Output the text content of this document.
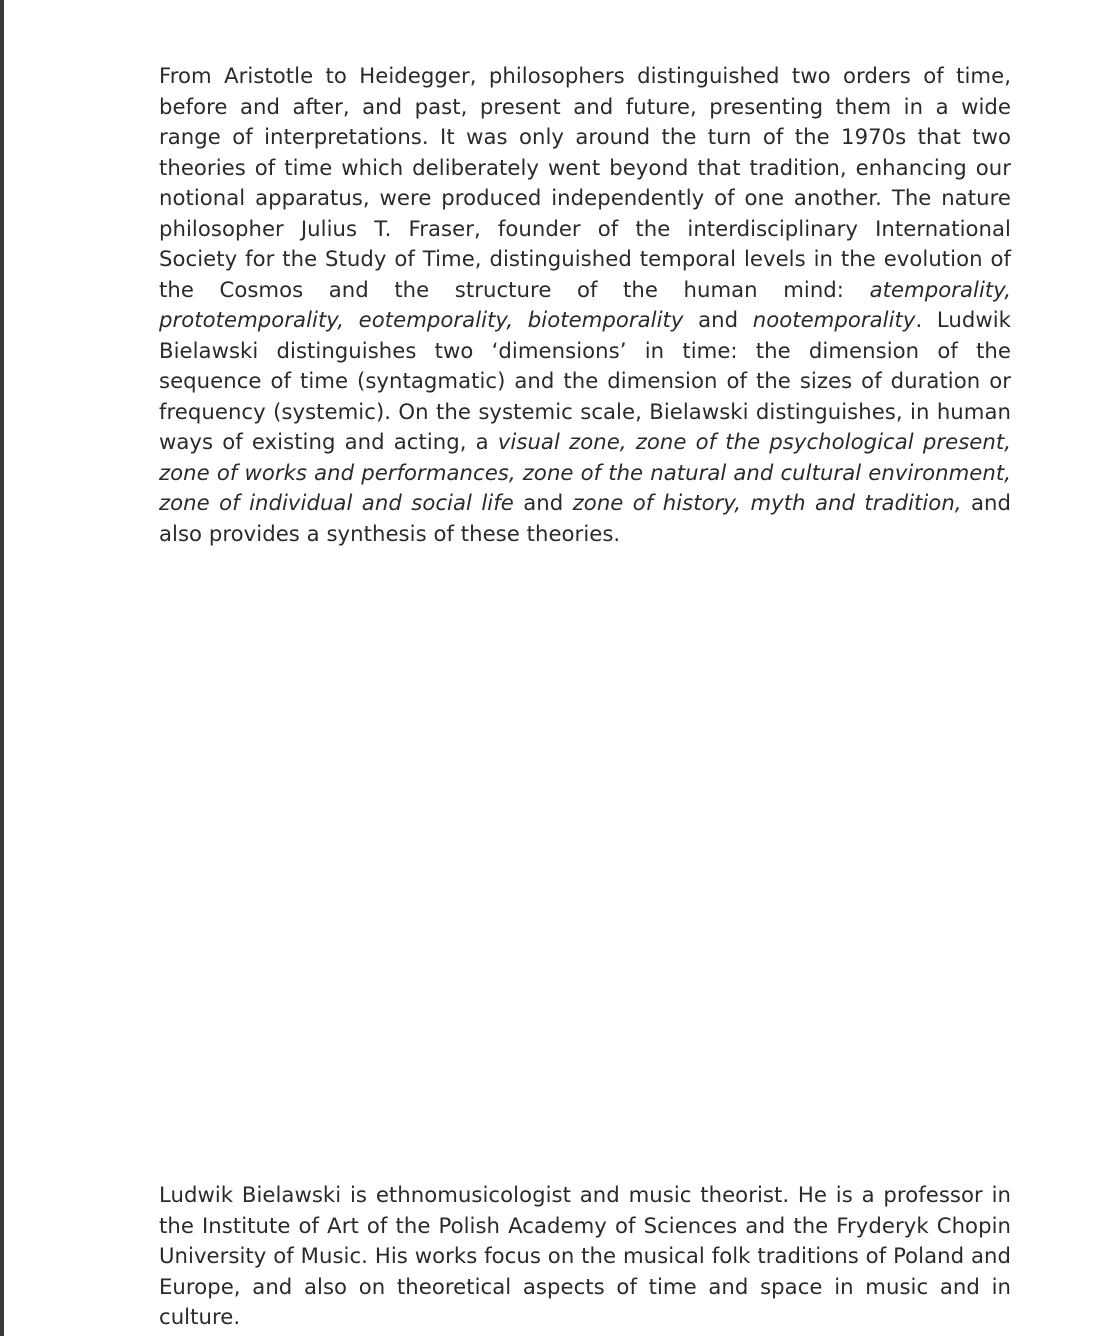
From Aristotle to Heidegger, philosophers distinguished two orders of time, before and after, and past, present and future, presenting them in a wide range of interpretations. It was only around the turn of the 1970s that two theories of time which deliberately went beyond that tradition, enhancing our notional apparatus, were produced independently of one another. The nature philosopher Julius T. Fraser, founder of the interdisciplinary International Society for the Study of Time, distinguished temporal levels in the evolution of the Cosmos and the structure of the human mind: atemporality, prototemporality, eotemporality, biotemporality and nootemporality. Ludwik Bielawski distinguishes two ‘dimensions’ in time: the dimension of the sequence of time (syntagmatic) and the dimension of the sizes of duration or frequency (systemic). On the systemic scale, Bielawski distinguishes, in human ways of existing and acting, a visual zone, zone of the psychological present, zone of works and performances, zone of the natural and cultural environment, zone of individual and social life and zone of history, myth and tradition, and also provides a synthesis of these theories.

Ludwik Bielawski is ethnomusicologist and music theorist. He is a professor in the Institute of Art of the Polish Academy of Sciences and the Fryderyk Chopin University of Music. His works focus on the musical folk traditions of Poland and Europe, and also on theoretical aspects of time and space in music and in culture.
